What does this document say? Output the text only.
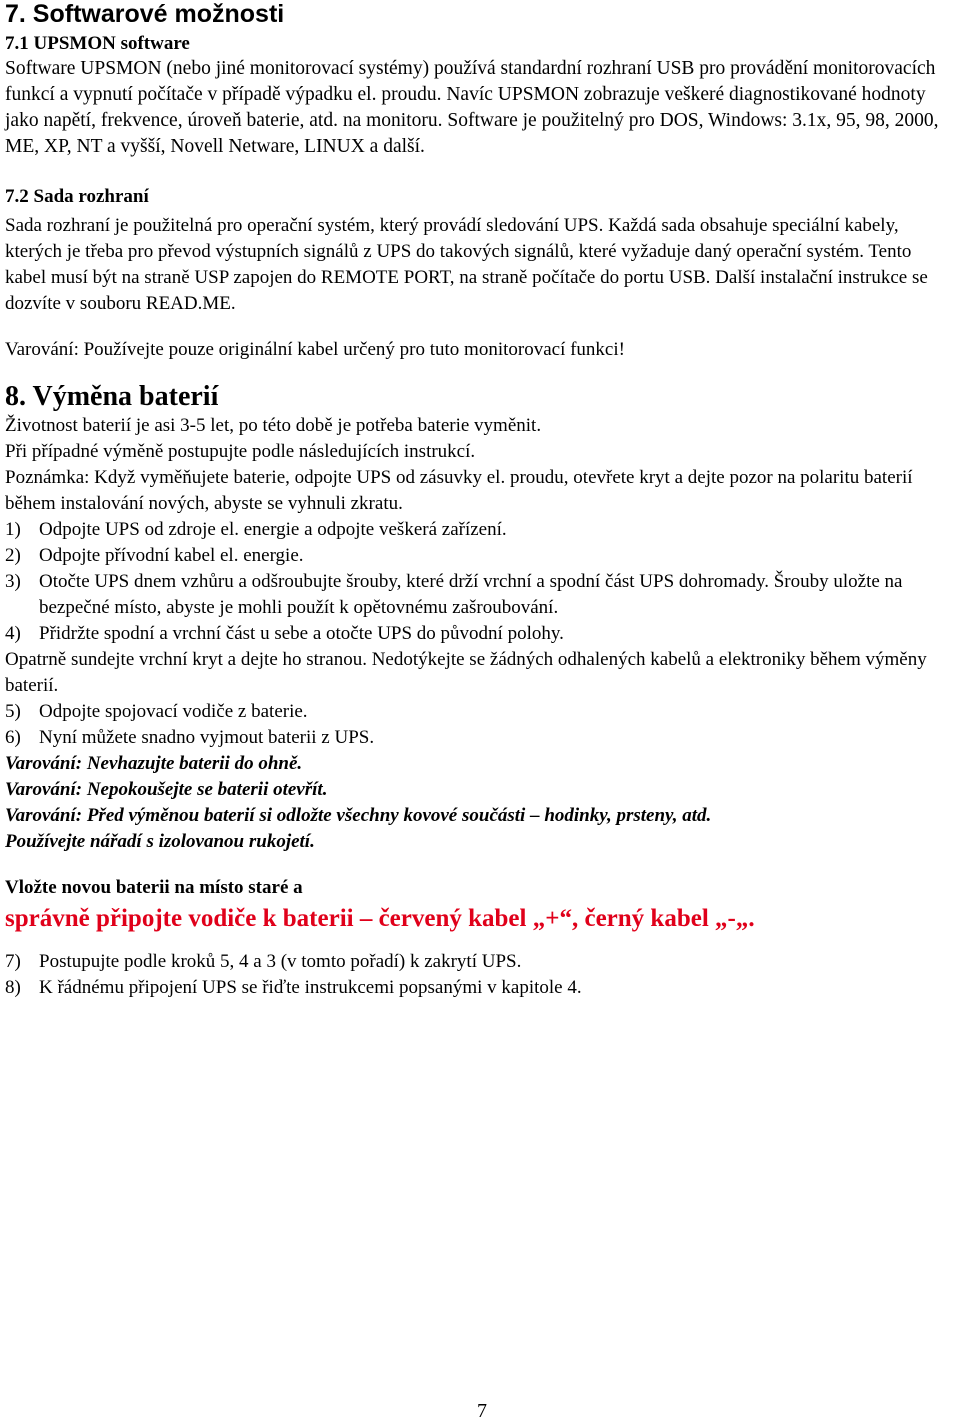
7. Softwarové možnosti
7.1 UPSMON software

Software UPSMON (nebo jiné monitorovací systémy) používá standardní rozhraní USB pro provádění monitorovacích funkcí a vypnutí počítače v případě výpadku el. proudu. Navíc UPSMON zobrazuje veškeré diagnostikované hodnoty jako napětí, frekvence, úroveň baterie, atd. na monitoru. Software je použitelný pro DOS, Windows: 3.1x, 95, 98, 2000, ME, XP, NT a vyšší, Novell Netware, LINUX a další.

7.2 Sada rozhraní

Sada rozhraní je použitelná pro operační systém, který provádí sledování UPS. Každá sada obsahuje speciální kabely, kterých je třeba pro převod výstupních signálů z UPS do takových signálů, které vyžaduje daný operační systém. Tento kabel musí být na straně USP zapojen do REMOTE PORT, na straně počítače do portu USB. Další instalační instrukce se dozvíte v souboru READ.ME.

Varování: Používejte pouze originální kabel určený pro tuto monitorovací funkci!

8. Výměna baterií

Životnost baterií je asi 3-5 let, po této době je potřeba baterie vyměnit.

Při případné výměně postupujte podle následujících instrukcí.

Poznámka: Když vyměňujete baterie, odpojte UPS od zásuvky el. proudu, otevřete kryt a dejte pozor na polaritu baterií během instalování nových, abyste se vyhnuli zkratu.

1) Odpojte UPS od zdroje el. energie a odpojte veškerá zařízení.
2) Odpojte přívodní kabel el. energie.
3) Otočte UPS dnem vzhůru a odšroubujte šrouby, které drží vrchní a spodní část UPS dohromady. Šrouby uložte na bezpečné místo, abyste je mohli použít k opětovnému zašroubování.
4) Přidržte spodní a vrchní část u sebe a otočte UPS do původní polohy.

Opatrně sundejte vrchní kryt a dejte ho stranou. Nedotýkejte se žádných odhalených kabelů a elektroniky během výměny baterií.

5) Odpojte spojovací vodiče z baterie.
6) Nyní můžete snadno vyjmout baterii z UPS.

Varování: Nevhazujte baterii do ohně.

Varování: Nepokoušejte se baterii otevřít.

Varování: Před výměnou baterií si odložte všechny kovové součásti – hodinky, prsteny, atd.

Používejte nářadí s izolovanou rukojetí.

Vložte novou baterii na místo staré a

správně připojte vodiče k baterii – červený kabel „+“, černý kabel „-„.

7) Postupujte podle kroků 5, 4 a 3 (v tomto pořadí) k zakrytí UPS.
8) K řádnému připojení UPS se řiďte instrukcemi popsanými v kapitole 4.
7
